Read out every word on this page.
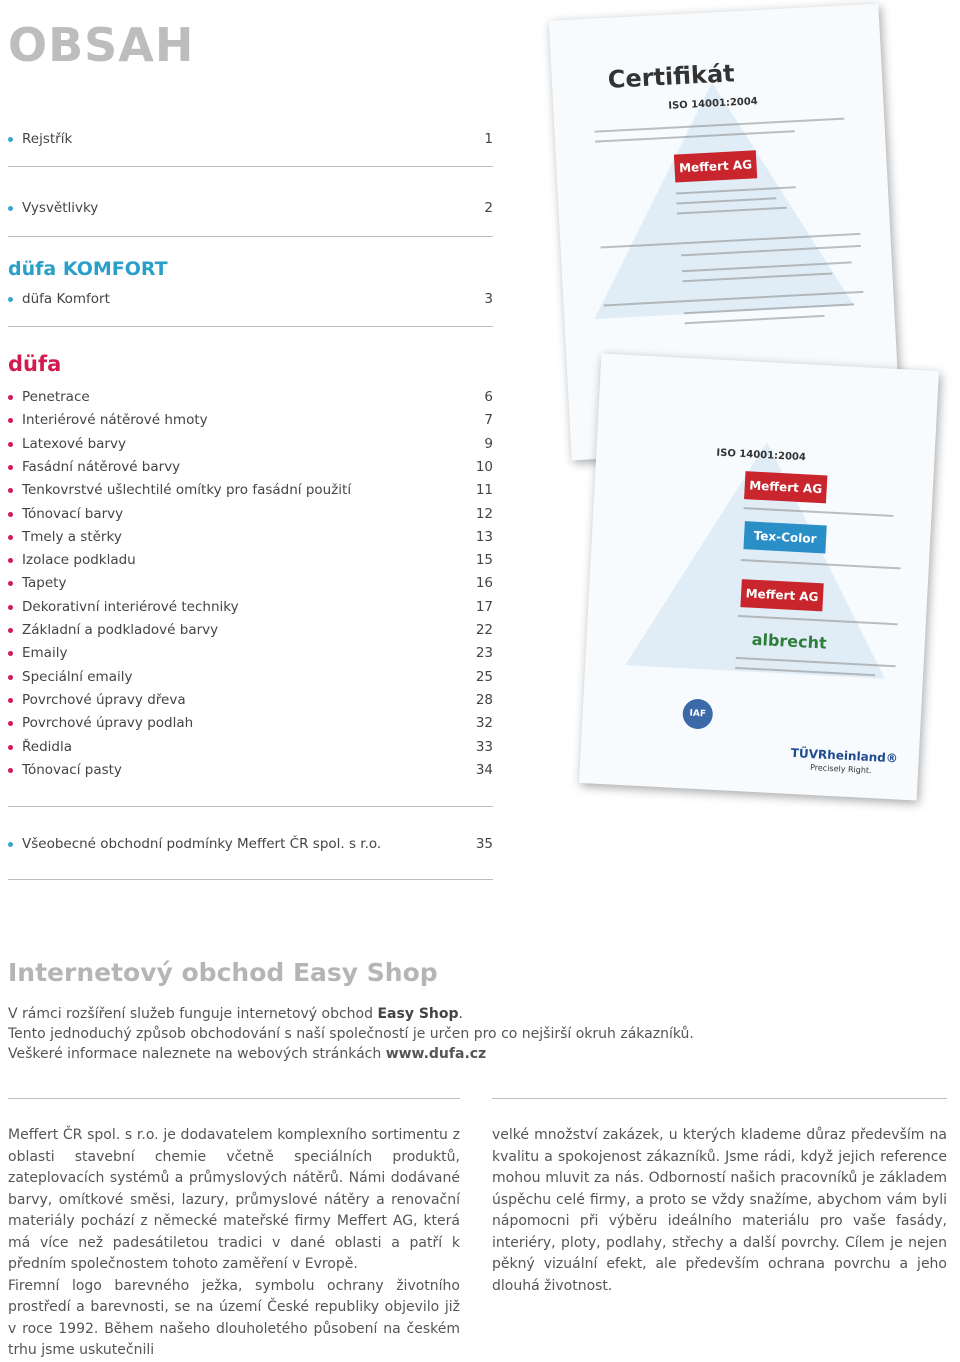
OBSAH
Rejstřík	1
Vysvětlivky	2
düfa KOMFORT
düfa Komfort	3
düfa
Penetrace	6
Interiérové nátěrové hmoty	7
Latexové barvy	9
Fasádní nátěrové barvy	10
Tenkovrstvé ušlechtilé omítky pro fasádní použití	11
Tónovací barvy	12
Tmely a stěrky	13
Izolace podkladu	15
Tapety	16
Dekorativní interiérové techniky	17
Základní a podkladové barvy	22
Emaily	23
Speciální emaily	25
Povrchové úpravy dřeva	28
Povrchové úpravy podlah	32
Ředidla	33
Tónovací pasty	34
Všeobecné obchodní podmínky Meffert ČR spol. s r.o.	35
Certifikát
ISO 14001:2004
Meffert AG
ISO 14001:2004
Meffert AG
Tex-Color
Meffert AG
albrecht
IAF
TÜVRheinland®
Precisely Right.
Internetový obchod Easy Shop

V rámci rozšíření služeb funguje internetový obchod Easy Shop.

Tento jednoduchý způsob obchodování s naší společností je určen pro co nejširší okruh zákazníků.

Veškeré informace naleznete na webových stránkách www.dufa.cz

Meffert ČR spol. s r.o. je dodavatelem komplexního sortimentu z oblasti stavební chemie včetně speciálních produktů, zateplovacích systémů a průmyslových nátěrů. Námi dodávané barvy, omítkové směsi, lazury, průmyslové nátěry a renovační materiály pochází z německé mateřské firmy Meffert AG, která má více než padesátiletou tradici v dané oblasti a patří k předním společnostem tohoto zaměření v Evropě.

Firemní logo barevného ježka, symbolu ochrany životního prostředí a barevnosti, se na území České republiky objevilo již v roce 1992. Během našeho dlouholetého působení na českém trhu jsme uskutečnili

velké množství zakázek, u kterých klademe důraz především na kvalitu a spokojenost zákazníků. Jsme rádi, když jejich reference mohou mluvit za nás. Odborností našich pracovníků je základem úspěchu celé firmy, a proto se vždy snažíme, abychom vám byli nápomocni při výběru ideálního materiálu pro vaše fasády, interiéry, ploty, podlahy, střechy a další povrchy. Cílem je nejen pěkný vizuální efekt, ale především ochrana povrchu a jeho dlouhá životnost.
